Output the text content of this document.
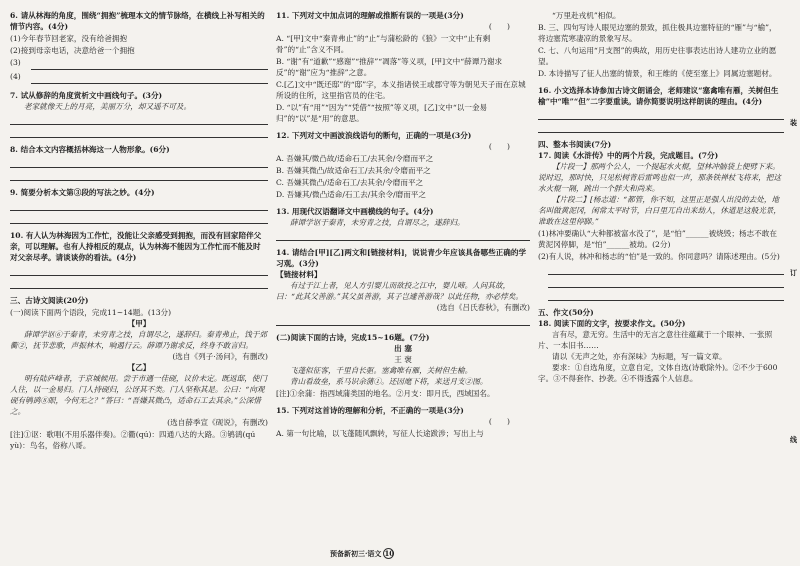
6. 请从林海的角度，围绕“拥抱”梳理本文的情节脉络，在横线上补写相关的情节内容。(4分)
(1)今年春节回老家，没有给爸拥抱
(2)接到母亲电话，决意给爸一个拥抱
(3)
(4)
7. 试从修辞的角度赏析文中画线句子。(3分)
老家就像天上的月亮，美丽万分，却又遥不可及。
8. 结合本文内容概括林海这一人物形象。(6分)
9. 简要分析本文第③段的写法之妙。(4分)
10. 有人认为林海因为工作忙，没能让父亲感受到拥抱，而没有回家陪伴父亲，可以理解。也有人持相反的观点，认为林海不能因为工作忙而不能及时对父亲尽孝。请谈谈你的看法。(4分)
三、古诗文阅读(20分)
(一)阅读下面两个语段，完成11~14题。(13分)
【甲】
薛谭学讴⑥于秦青，未穷青之技，自谓尽之，遂辞归。秦青弗止，饯于郊衢②，抚节悲歌，声振林木，响遏行云。薛谭乃谢求反，终身不敢言归。
(选自《列子·汤问》，有删改)
【乙】
明有陆庐峰者，于京城候用。尝于市遇一佳砚，议价未定。既返邸，使门人往，以一金易归。门人持砚归，公讶其不类。门人坚称其是。公曰：“向观砚有鸲鹆⑧眼，今何无之？”答曰：“吾嫌其微凸，适命石工去其余。”公深惜之。
(选自薛季宣《砚说》，有删改)
[注]①讴：歌唱(不用乐器伴奏)。②衢(qú)：四通八达的大路。③鸲鹆(qú yù)：鸟名，俗称八哥。
11. 下列对文中加点词的理解或推断有误的一项是(3分)
(　　)
A. “[甲]文中“秦青弗止”的“止”与蒲松龄的《狼》一文中“止有剩骨”的“止”含义不同。
B. “谢”有“道歉”“感谢”“推辞”“凋落”等义项，[甲]文中“薛谭乃谢求反”的“谢”应为“推辞”之意。
C.[乙]文中“既还邸”的“邸”字，本义指诸侯王或郡守等为朝见天子而在京城所设的住所，这里指官员的住宅。
D. “以”有“用”“因为”“凭借”“按照”等义项，[乙]文中“以一金易归”的“以”是“用”的意思。
12. 下列对文中画波浪线语句的断句，正确的一项是(3分)
(　　)
A. 吾嫌其/微凸故/适命石工/去其余/令磨而平之
B. 吾嫌其微凸/故适命石工/去其余/令磨而平之
C. 吾嫌其微凸/适命石工/去其余/令磨而平之
D. 吾嫌其/微凸适命/石工去/其余令/磨而平之
13. 用现代汉语翻译文中画横线的句子。(4分)
薛谭学讴于秦青，未穷青之技，自谓尽之，遂辞归。
14. 请结合[甲][乙]两文和[链接材料]，说说青少年应该具备哪些正确的学习观。(3分)
【链接材料】
有过于江上者，见人方引婴儿而欲投之江中，婴儿啼。人问其故，曰：“此其父善游。”其父虽善游，其子岂遽善游哉？以此任物，亦必悖矣。
(选自《吕氏春秋》，有删改)
(二)阅读下面的古诗，完成15~16题。(7分)
出 塞
王 褒
飞蓬似征客，千里自长驱。塞禽唯有雁，关树但生榆。
背山看故垒，系马识余蒲①。还因麾下将，来送月支②图。
[注]①余蒲：指西域蒲类国的地名。②月支：即月氏，西域国名。
15. 下列对这首诗的理解和分析，不正确的一项是(3分)
(　　)
A. 第一句比喻，以飞蓬随风飘转，写征人长途跋涉；写出上与
“万里赴戎机”相似。
B. 三、四句写诗人眼见边塞的景致，抓住极具边塞特征的“雁”与“榆”，将边塞荒寒凄凉的景象写尽。
C. 七、八句运用“月支图”的典故，用历史往事表达出诗人建功立业的愿望。
D. 本诗描写了征人出塞的情景，和王维的《使至塞上》同属边塞题材。
16. 小文选择本诗参加古诗文朗诵会，老师建议“塞禽唯有雁，关树但生榆”中“唯”“但”二字要重读。请你简要说明这样朗读的理由。(4分)
四、整本书阅读(7分)
17. 阅读《水浒传》中的两个片段，完成题目。(7分)
【片段一】那两个公人，一个提起水火棍，望林冲脑袋上便劈下来。说时迟，那时快，只见松树背后雷鸣也似一声，那条铁禅杖飞将来，把这水火棍一隔，跳出一个胖大和尚来。
【片段二】[杨志道：“都管，你不知，这里正是强人出没的去处，地名叫做黄泥冈，闲常太平时节，白日里兀自出来劫人，休道是这般光景，谁敢在这里停脚。”
(1)林冲要确认“大种都被富水没了”，是“怕”______被烧毁；杨志不敢在黄泥冈停脚，是“怕”______被劫。(2分)
(2)有人说，林冲和杨志的“怕”是一致的。你同意吗？请陈述理由。(5分)
五、作文(50分)
18. 阅读下面的文字，按要求作文。(50分)
言有尽，意无穷。生活中的无言之意往往蕴藏于一个眼神、一张照片、一本旧书……
请以《无声之处，亦有深味》为标题，写一篇文章。
要求：①自选角度，立意自定，文体自选(诗歌除外)。②不少于600字。③不得套作、抄袭。④不得透露个人信息。
装
订
线
预备新初三·语文 10
